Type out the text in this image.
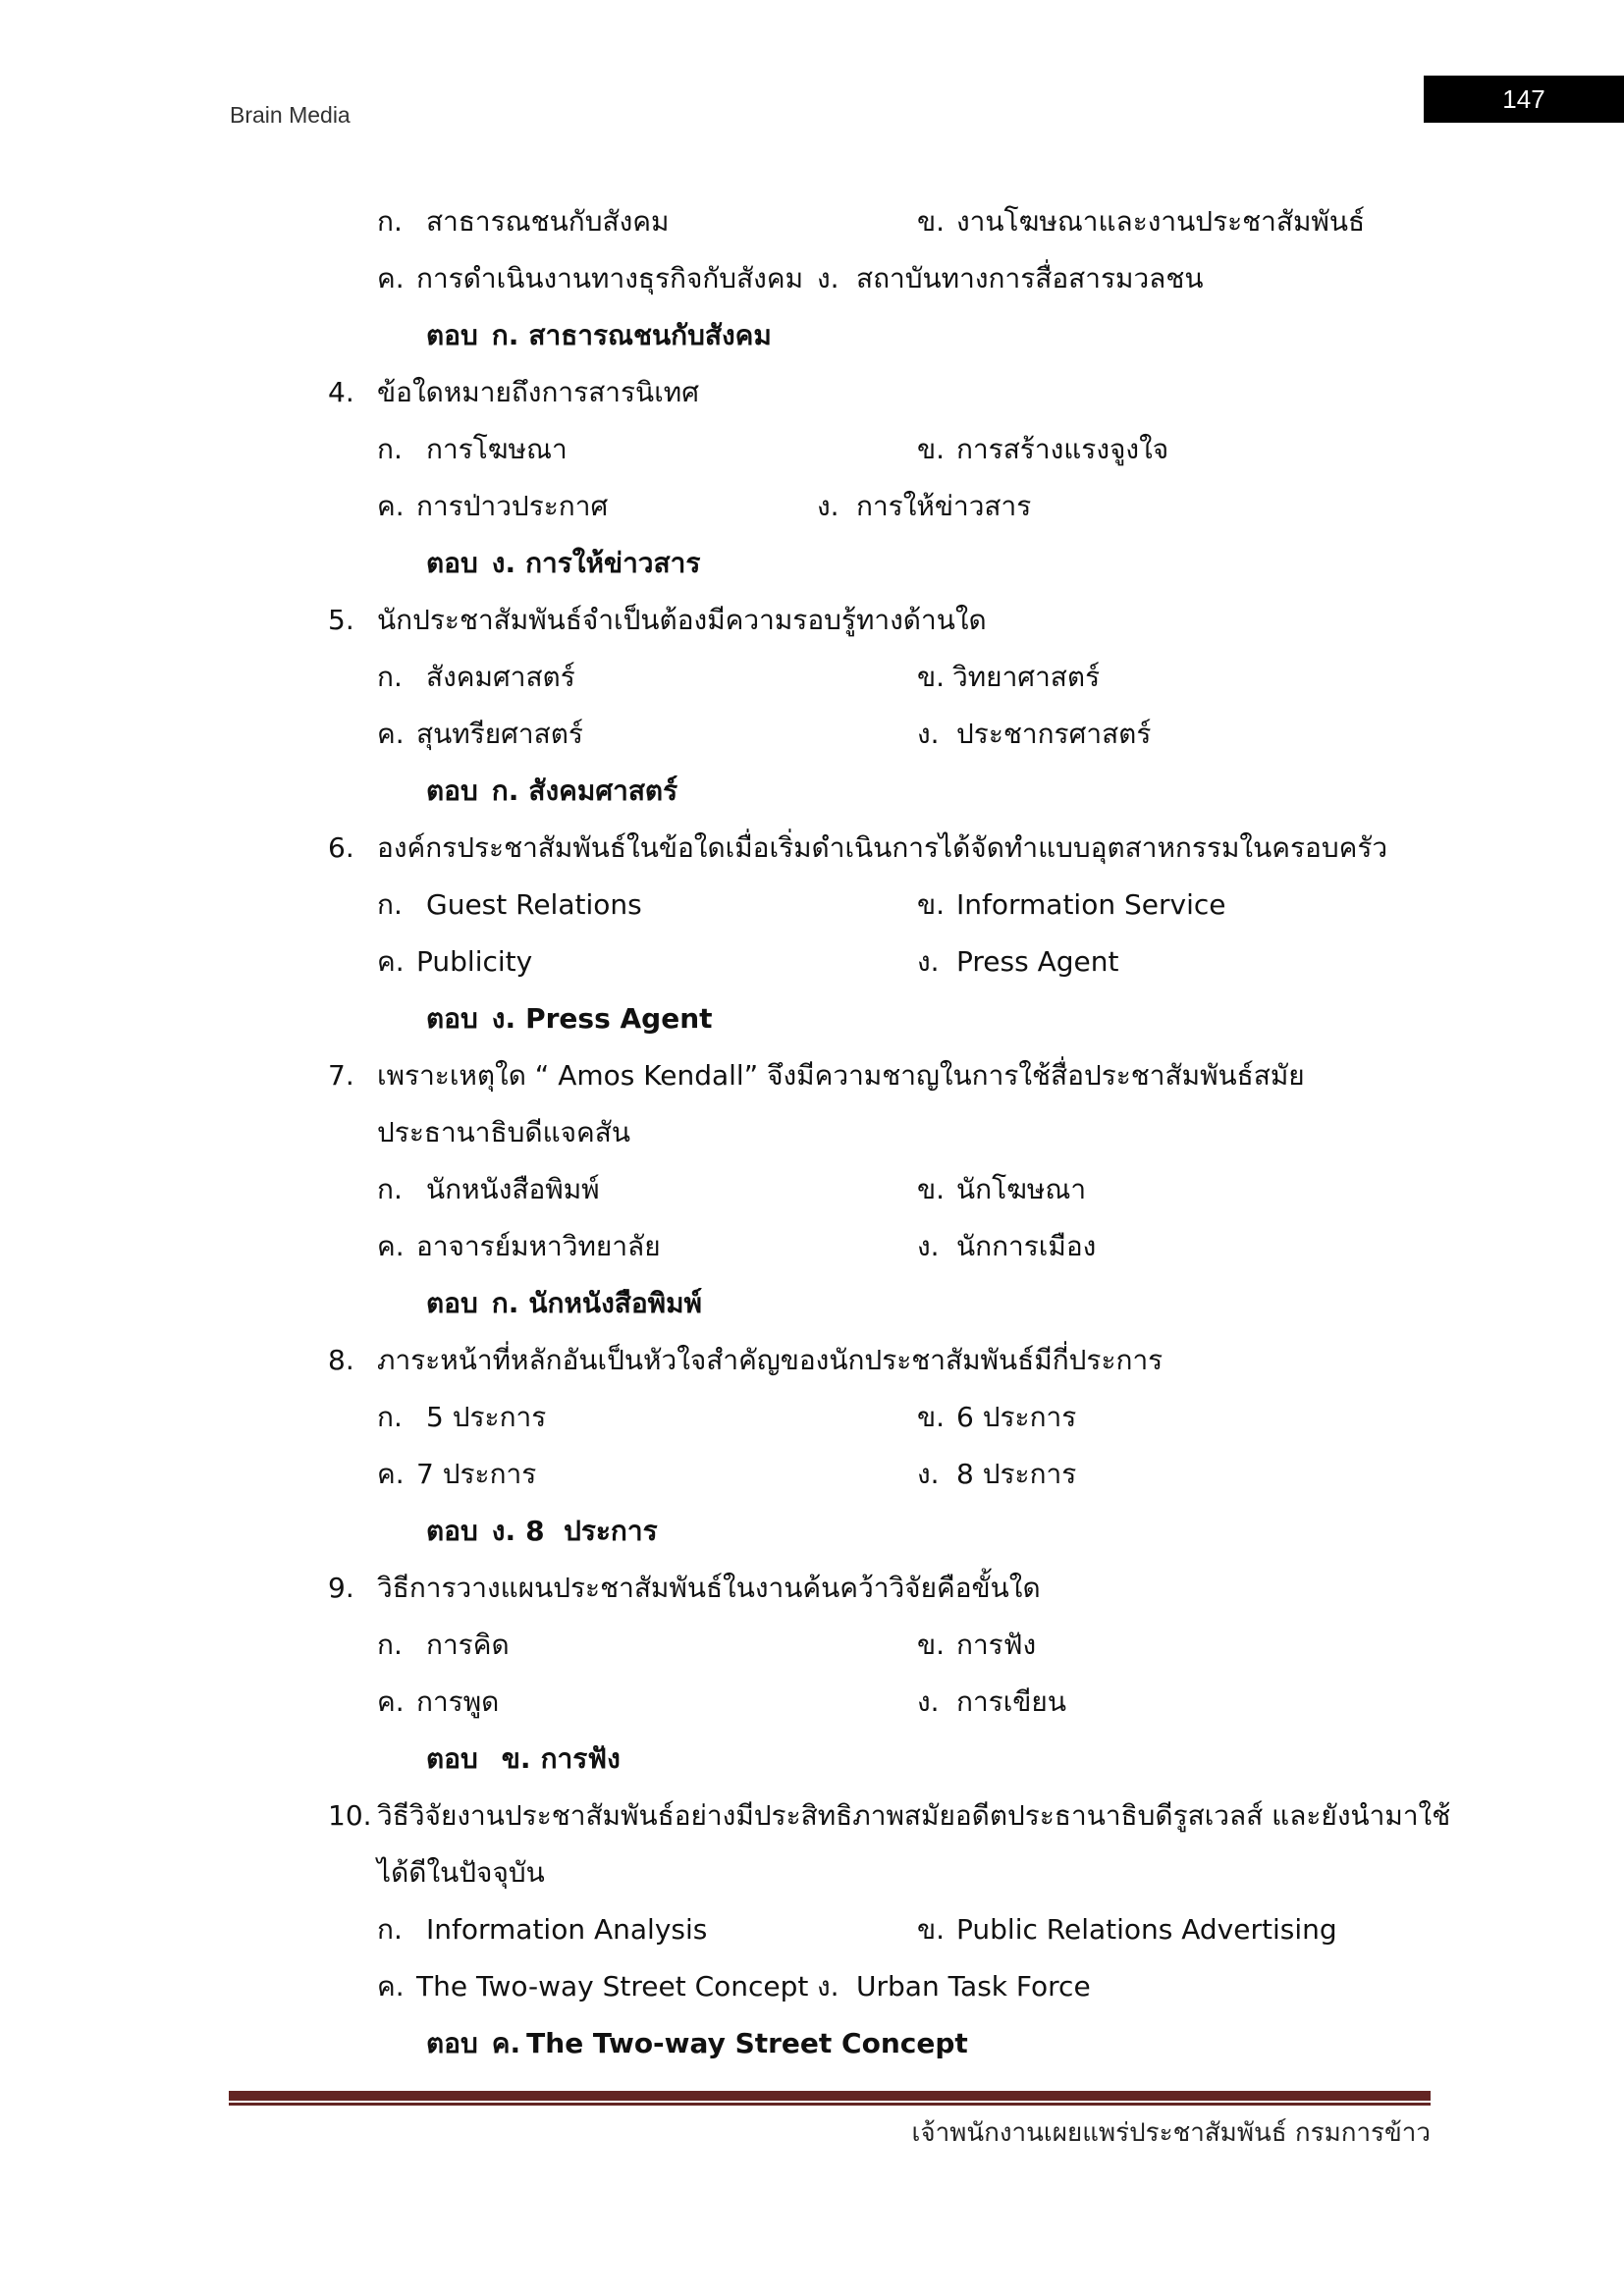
Brain Media
147
ก. สาธารณชนกับสังคม	ข. งานโฆษณาและงานประชาสัมพันธ์
ค. การดำเนินงานทางธุรกิจกับสังคม ง. สถาบันทางการสื่อสารมวลชน
ตอบ ก. สาธารณชนกับสังคม
4. ข้อใดหมายถึงการสารนิเทศ
ก. การโฆษณา	ข. การสร้างแรงจูงใจ
ค. การป่าวประกาศ	ง. การให้ข่าวสาร
ตอบ ง. การให้ข่าวสาร
5. นักประชาสัมพันธ์จำเป็นต้องมีความรอบรู้ทางด้านใด
ก. สังคมศาสตร์	ข. วิทยาศาสตร์
ค. สุนทรียศาสตร์	ง. ประชากรศาสตร์
ตอบ ก. สังคมศาสตร์
6. องค์กรประชาสัมพันธ์ในข้อใดเมื่อเริ่มดำเนินการได้จัดทำแบบอุตสาหกรรมในครอบครัว
ก. Guest Relations	ข. Information Service
ค. Publicity	ง. Press Agent
ตอบ ง. Press Agent
7. เพราะเหตุใด “ Amos Kendall” จึงมีความชาญในการใช้สื่อประชาสัมพันธ์สมัย
ประธานาธิบดีแจคสัน
ก. นักหนังสือพิมพ์	ข. นักโฆษณา
ค. อาจารย์มหาวิทยาลัย	ง. นักการเมือง
ตอบ ก. นักหนังสือพิมพ์
8. ภาระหน้าที่หลักอันเป็นหัวใจสำคัญของนักประชาสัมพันธ์มีกี่ประการ
ก. 5 ประการ	ข. 6 ประการ
ค. 7 ประการ	ง. 8 ประการ
ตอบ ง. 8  ประการ
9. วิธีการวางแผนประชาสัมพันธ์ในงานค้นคว้าวิจัยคือขั้นใด
ก. การคิด	ข. การฟัง
ค. การพูด	ง. การเขียน
ตอบ ข. การฟัง
10. วิธีวิจัยงานประชาสัมพันธ์อย่างมีประสิทธิภาพสมัยอดีตประธานาธิบดีรูสเวลส์ และยังนำมาใช้
ได้ดีในปัจจุบัน
ก. Information Analysis	ข. Public Relations Advertising
ค. The Two-way Street Concept ง. Urban Task Force
ตอบ ค. The Two-way Street Concept
เจ้าพนักงานเผยแพร่ประชาสัมพันธ์ กรมการข้าว
